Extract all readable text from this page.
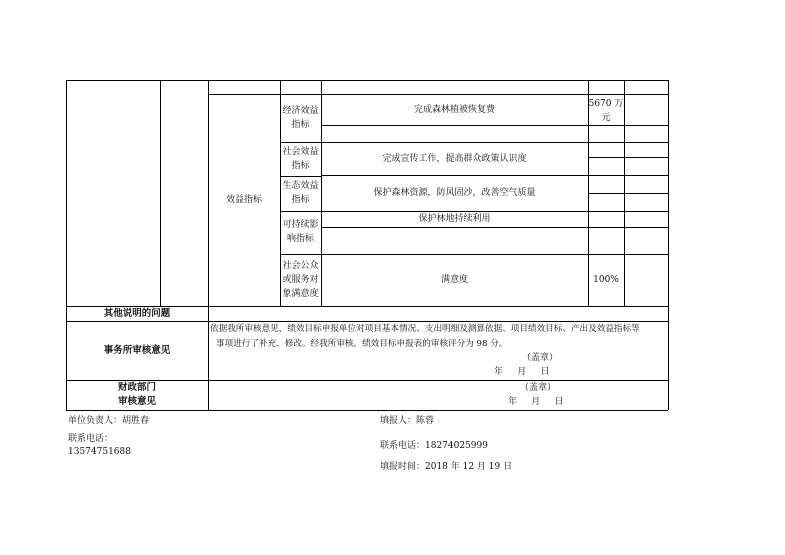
效益指标
经济效益
指标
完成森林植被恢复费
5670 万
元
社会效益
指标
完成宣传工作，提高群众政策认识度
生态效益
指标
保护森林资源，防风固沙，改善空气质量
可持续影
响指标
保护林地持续利用
社会公众
或服务对
象满意度
满意度	100%
其他说明的问题
事务所审核意见
依据我所审核意见，绩效目标申报单位对项目基本情况、支出明细及测算依据、项目绩效目标、产出及效益指标等
事项进行了补充、修改。经我所审核，绩效目标申报表的审核评分为 98 分。
（盖章）
年     月     日
财政部门
审核意见
（盖章）
年     月     日
单位负责人：胡胜春
联系电话：
13574751688
填报人：陈蓉
联系电话：18274025999
填报时间：2018 年 12 月 19 日
